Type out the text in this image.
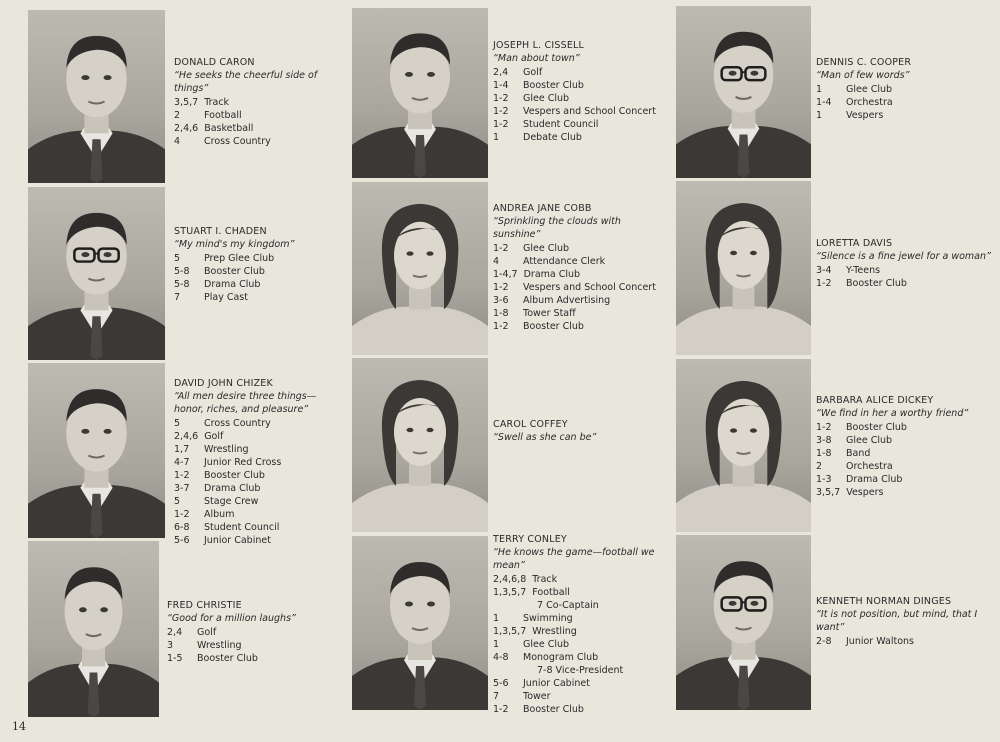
DONALD CARON
“He seeks the cheerful side of things”
3,5,7 Track
2	Football
2,4,6 Basketball
4	Cross Country
STUART I. CHADEN
“My mind's my kingdom”
5	Prep Glee Club
5-8	Booster Club
5-8	Drama Club
7	Play Cast
DAVID JOHN CHIZEK
“All men desire three things—honor, riches, and pleasure”
5	Cross Country
2,4,6 Golf
1,7	Wrestling
4-7	Junior Red Cross
1-2	Booster Club
3-7	Drama Club
5	Stage Crew
1-2	Album
6-8	Student Council
5-6	Junior Cabinet
FRED CHRISTIE
“Good for a million laughs”
2,4	Golf
3	Wrestling
1-5	Booster Club
JOSEPH L. CISSELL
“Man about town”
2,4	Golf
1-4	Booster Club
1-2	Glee Club
1-2	Vespers and School Concert
1-2	Student Council
1	Debate Club
ANDREA JANE COBB
“Sprinkling the clouds with sunshine”
1-2	Glee Club
4	Attendance Clerk
1-4,7 Drama Club
1-2	Vespers and School Concert
3-6	Album Advertising
1-8	Tower Staff
1-2	Booster Club
CAROL COFFEY
“Swell as she can be”
TERRY CONLEY
“He knows the game—football we mean”
2,4,6,8 Track
1,3,5,7 Football
7 Co-Captain
1	Swimming
1,3,5,7 Wrestling
1	Glee Club
4-8	Monogram Club
7-8 Vice-President
5-6	Junior Cabinet
7	Tower
1-2	Booster Club
DENNIS C. COOPER
“Man of few words”
1	Glee Club
1-4	Orchestra
1	Vespers
LORETTA DAVIS
“Silence is a fine jewel for a woman”
3-4	Y-Teens
1-2	Booster Club
BARBARA ALICE DICKEY
“We find in her a worthy friend”
1-2	Booster Club
3-8	Glee Club
1-8	Band
2	Orchestra
1-3	Drama Club
3,5,7 Vespers
KENNETH NORMAN DINGES
“It is not position, but mind, that I want”
2-8	Junior Waltons
14
